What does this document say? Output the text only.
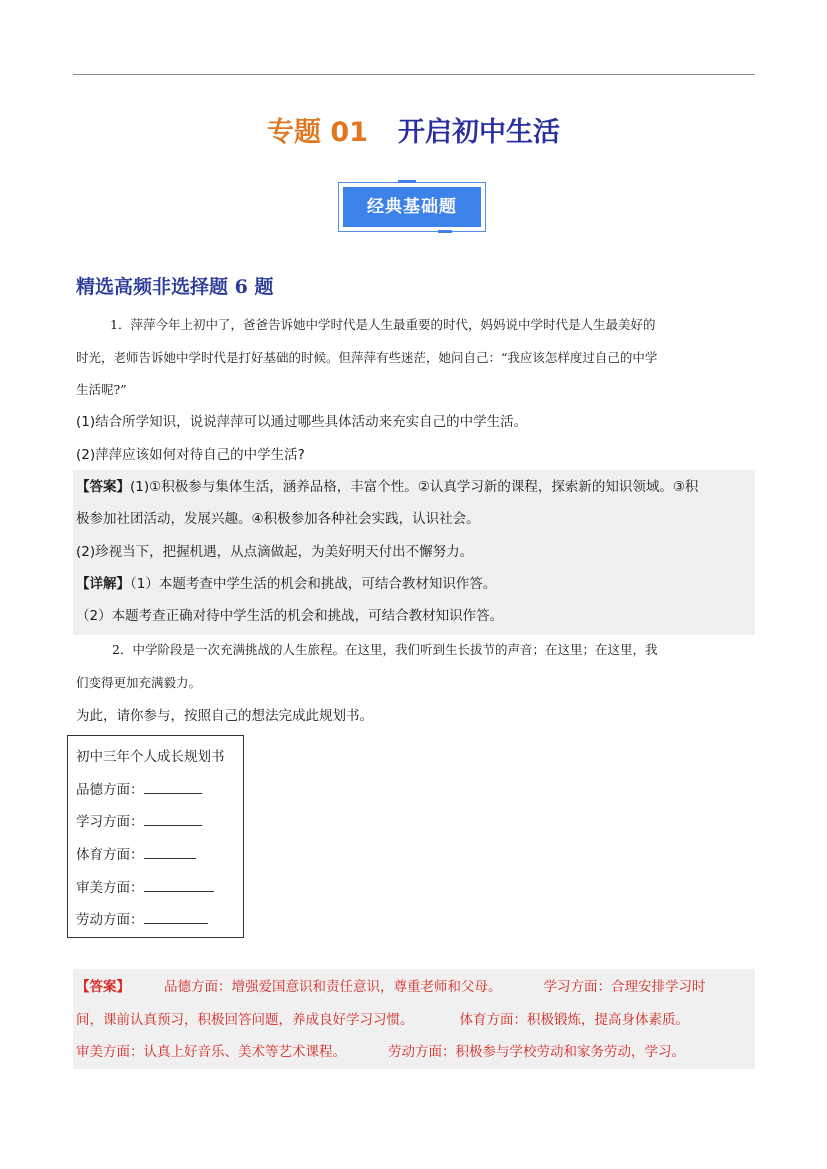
专题 01 开启初中生活
经典基础题
精选高频非选择题 6 题
1．萍萍今年上初中了，爸爸告诉她中学时代是人生最重要的时代，妈妈说中学时代是人生最美好的
时光，老师告诉她中学时代是打好基础的时候。但萍萍有些迷茫，她问自己：“我应该怎样度过自己的中学
生活呢?”
(1)结合所学知识，说说萍萍可以通过哪些具体活动来充实自己的中学生活。
(2)萍萍应该如何对待自己的中学生活?
【答案】(1)①积极参与集体生活，涵养品格，丰富个性。②认真学习新的课程，探索新的知识领域。③积
极参加社团活动，发展兴趣。④积极参加各种社会实践，认识社会。
(2)珍视当下，把握机遇，从点滴做起，为美好明天付出不懈努力。
【详解】（1）本题考查中学生活的机会和挑战，可结合教材知识作答。
（2）本题考查正确对待中学生活的机会和挑战，可结合教材知识作答。
2．中学阶段是一次充满挑战的人生旅程。在这里，我们听到生长拔节的声音；在这里；在这里，我
们变得更加充满毅力。
为此，请你参与，按照自己的想法完成此规划书。
初中三年个人成长规划书
品德方面：
学习方面：
体育方面：
审美方面：
劳动方面：
【答案】	品德方面：增强爱国意识和责任意识，尊重老师和父母。	学习方面：合理安排学习时
间，课前认真预习，积极回答问题，养成良好学习习惯。	体育方面：积极锻炼，提高身体素质。
审美方面：认真上好音乐、美术等艺术课程。	劳动方面：积极参与学校劳动和家务劳动，学习。
